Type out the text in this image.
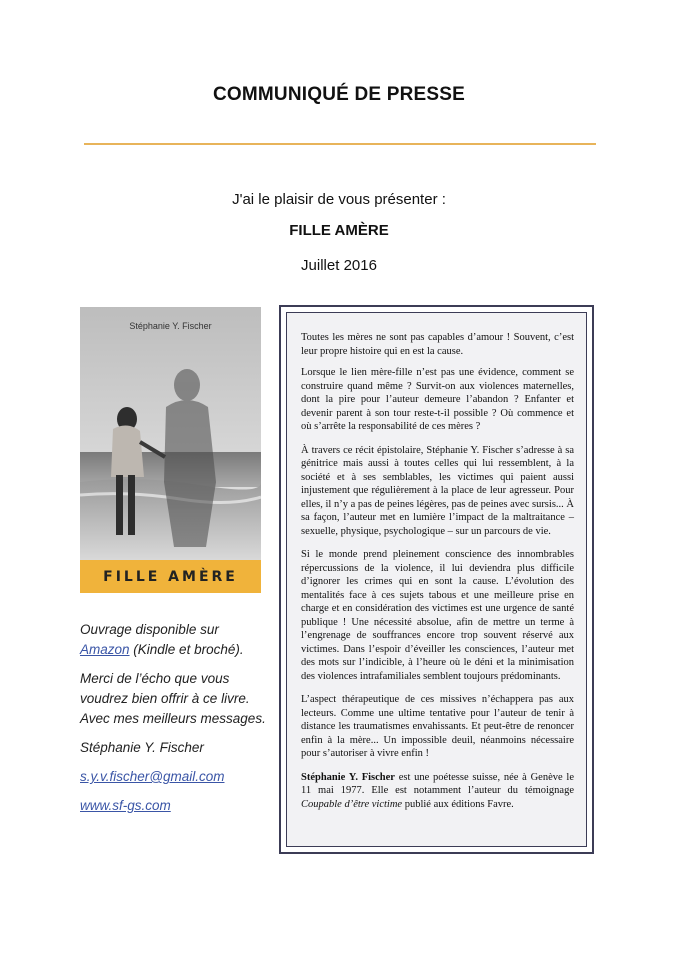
COMMUNIQUÉ DE PRESSE
J'ai le plaisir de vous présenter :
FILLE AMÈRE
Juillet 2016
Stéphanie Y. Fischer
FILLE AMÈRE

Ouvrage disponible sur
Amazon (Kindle et broché).

Merci de l’écho que vous voudrez bien offrir à ce livre. Avec mes meilleurs messages.

Stéphanie Y. Fischer

s.y.v.fischer@gmail.com

www.sf-gs.com

Toutes les mères ne sont pas capables d’amour ! Souvent, c’est leur propre histoire qui en est la cause.

Lorsque le lien mère-fille n’est pas une évidence, comment se construire quand même ? Survit-on aux violences maternelles, dont la pire pour l’auteur demeure l’abandon ? Enfanter et devenir parent à son tour reste-t-il possible ? Où commence et où s’arrête la responsabilité de ces mères ?

À travers ce récit épistolaire, Stéphanie Y. Fischer s’adresse à sa génitrice mais aussi à toutes celles qui lui ressemblent, à la société et à ses semblables, les victimes qui paient aussi injustement que régulièrement à la place de leur agresseur. Pour elles, il n’y a pas de peines légères, pas de peines avec sursis... À sa façon, l’auteur met en lumière l’impact de la maltraitance – sexuelle, physique, psychologique – sur un parcours de vie.

Si le monde prend pleinement conscience des innombrables répercussions de la violence, il lui deviendra plus difficile d’ignorer les crimes qui en sont la cause. L’évolution des mentalités face à ces sujets tabous et une meilleure prise en charge et en considération des victimes est une urgence de santé publique ! Une nécessité absolue, afin de mettre un terme à l’engrenage de souffrances encore trop souvent réservé aux victimes. Dans l’espoir d’éveiller les consciences, l’auteur met des mots sur l’indicible, à l’heure où le déni et la minimisation des violences intrafamiliales semblent toujours prédominants.

L’aspect thérapeutique de ces missives n’échappera pas aux lecteurs. Comme une ultime tentative pour l’auteur de tenir à distance les traumatismes envahissants. Et peut-être de renoncer enfin à la mère... Un impossible deuil, néanmoins nécessaire pour s’autoriser à vivre enfin !

Stéphanie Y. Fischer est une poétesse suisse, née à Genève le 11 mai 1977. Elle est notamment l’auteur du témoignage Coupable d’être victime publié aux éditions Favre.
